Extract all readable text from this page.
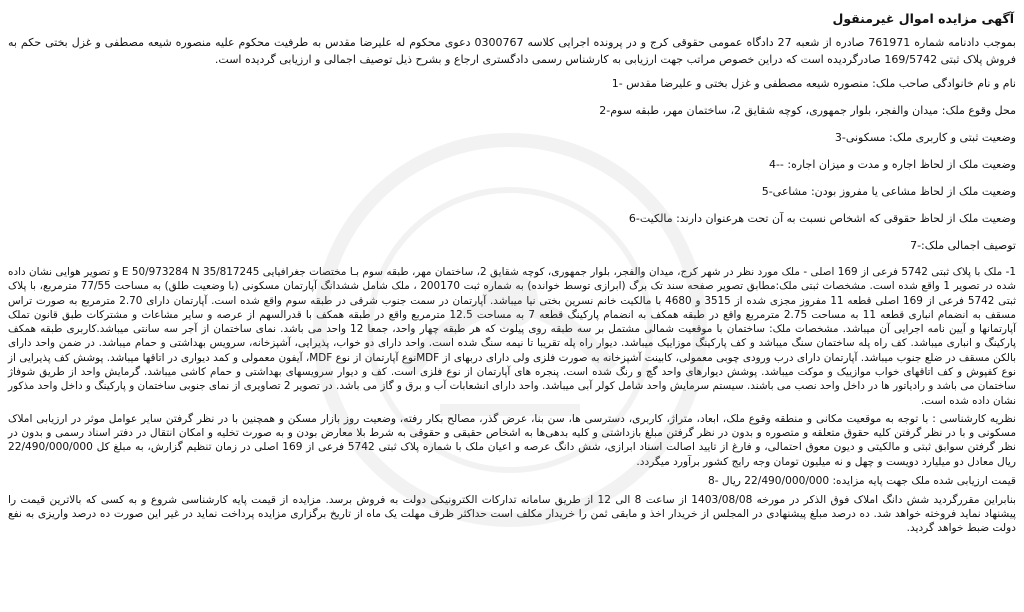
آگهی مزایده اموال غیرمنقول

بموجب دادنامه شماره 761971 صادره از شعبه 27 دادگاه عمومی حقوقی کرج و در پرونده اجرایی کلاسه 0300767 دعوی محکوم له علیرضا مقدس به طرفیت محکوم علیه منصوره شیعه مصطفی و غزل بختی حکم به فروش پلاک ثبتی 169/5742 صادرگردیده است که دراین خصوص مراتب جهت ارزیابی به کارشناس رسمی دادگستری ارجاع و بشرح ذیل توصیف اجمالی و ارزیابی گردیده است.

نام و نام خانوادگی صاحب ملک: منصوره شیعه مصطفی و غزل بختی و علیرضا مقدس -1
محل وقوع ملک: میدان والفجر، بلوار جمهوری، کوچه شقایق 2، ساختمان مهر، طبقه سوم-2
وضعیت ثبتی و کاربری ملک: مسکونی-3
وضعیت ملک از لحاظ اجاره و مدت و میزان اجاره: --4
وضعیت ملک از لحاظ مشاعی یا مفروز بودن: مشاعی-5
وضعیت ملک از لحاظ حقوقی که اشخاص نسبت به آن تحت هرعنوان دارند: مالکیت-6
توصیف اجمالی ملک:-7

1- ملک با پلاک ثبتی 5742 فرعی از 169 اصلی - ملک مورد نظر در شهر کرج، میدان والفجر، بلوار جمهوری، کوچه شقایق 2، ساختمان مهر، طبقه سوم بـا مختصات جغرافیایی E 50/973284 N 35/817245 و تصویر هوایی نشان داده شده در تصویر 1 واقع شده است. مشخصات ثبتی ملک:مطابق تصویر صفحه سند تک برگ (ابرازی توسط خوانده) به شماره ثبت 200170 ، ملک شامل ششدانگ آپارتمان مسکونی (با وضعیت طلق) به مساحت 77/55 مترمربع، با پلاک ثبتی 5742 فرعی از 169 اصلی قطعه 11 مفروز مجزی شده از 3515 و 4680 با مالکیت خانم نسرین بختی نیا میباشد. آپارتمان در سمت جنوب شرقی در طبقه سوم واقع شده است. آپارتمان دارای 2.70 مترمربع به صورت تراس مسقف به انضمام انباری قطعه 11 به مساحت 2.75 مترمربع واقع در طبقه همکف به انضمام پارکینگ قطعه 7 به مساحت 12.5 مترمربع واقع در طبقه همکف با قدرالسهم از عرصه و سایر مشاعات و مشترکات طبق قانون تملک آپارتمانها و آیین نامه اجرایی آن میباشد. مشخصات ملک: ساختمان با موقعیت شمالی مشتمل بر سه طبقه روی پیلوت که هر طبقه چهار واحد، جمعا 12 واحد می باشد. نمای ساختمان از آجر سه سانتی میباشد.کاربری طبقه همکف پارکینگ و انباری میباشد. کف راه پله ساختمان سنگ میباشد و کف پارکینگ موزاییک میباشد. دیوار راه پله تقریبا تا نیمه سنگ شده است. واحد دارای دو خواب، پذیرایی، آشپزخانه، سرویس بهداشتی و حمام میباشد. در ضمن واحد دارای بالکن مسقف در ضلع جنوب میباشد. آپارتمان دارای درب ورودی چوبی معمولی، کابینت آشپزخانه به صورت فلزی ولی دارای دربهای از MDFنوع آپارتمان از نوع MDF، آیفون معمولی و کمد دیواری در اتاقها میباشد. پوشش کف پذیرایی از نوع کفپوش و کف اتاقهای خواب موازییک و موکت میباشد. پوشش دیوارهای واحد گچ و رنگ شده است. پنجره های آپارتمان از نوع فلزی است. کف و دیوار سرویسهای بهداشتی و حمام کاشی میباشد. گرمایش واحد از طریق شوفاژ ساختمان می باشد و رادیاتور ها در داخل واحد نصب می باشند. سیستم سرمایش واحد شامل کولر آبی میباشد. واحد دارای انشعابات آب و برق و گاز می باشد. در تصویر 2 تصاویری از نمای جنوبی ساختمان و پارکینگ و داخل واحد مذکور نشان داده شده است.

نظریه کارشناسی : با توجه به موقعیت مکانی و منطقه وقوع ملک، ابعاد، متراژ، کاربری، دسترسی ها، سن بنا، عرض گذر، مصالح بکار رفته، وضعیت روز بازار مسکن و همچنین با در نظر گرفتن سایر عوامل موثر در ارزیابی املاک مسکونی و با در نظر گرفتن کلیه حقوق متعلقه و متصوره و بدون در نظر گرفتن مبلغ بازداشتی و کلیه بدهی‌ها به اشخاص حقیقی و حقوقی به شرط بلا معارض بودن و به صورت تخلیه و امکان انتقال در دفتر اسناد رسمی و بدون در نظر گرفتن سوابق ثبتی و مالکیتی و دیون معوق احتمالی، و فارغ از تایید اصالت اسناد ابرازی، شش دانگ عرصه و اعیان ملک با شماره پلاک ثبتی 5742 فرعی از 169 اصلی در زمان تنظیم گزارش، به مبلغ کل 22/490/000/000 ریال معادل دو میلیارد دویست و چهل و نه میلیون تومان وجه رایج کشور برآورد میگردد.

قیمت ارزیابی شده ملک جهت پایه مزایده: 22/490/000/000 ریال -8

بنابراین مقررگردید شش دانگ املاک فوق الذکر در مورخه 1403/08/08 از ساعت 8 الی 12 از طریق سامانه تدارکات الکترونیکی دولت به فروش برسد. مزایده از قیمت پایه کارشناسی شروع و به کسی که بالاترین قیمت را پیشنهاد نماید فروخته خواهد شد. ده درصد مبلغ پیشنهادی در المجلس از خریدار اخذ و مابقی ثمن را خریدار مکلف است حداکثر ظرف مهلت یک ماه از تاریخ برگزاری مزایده پرداخت نماید در غیر این صورت ده درصد واریزی به نفع دولت ضبط خواهد گردید.
